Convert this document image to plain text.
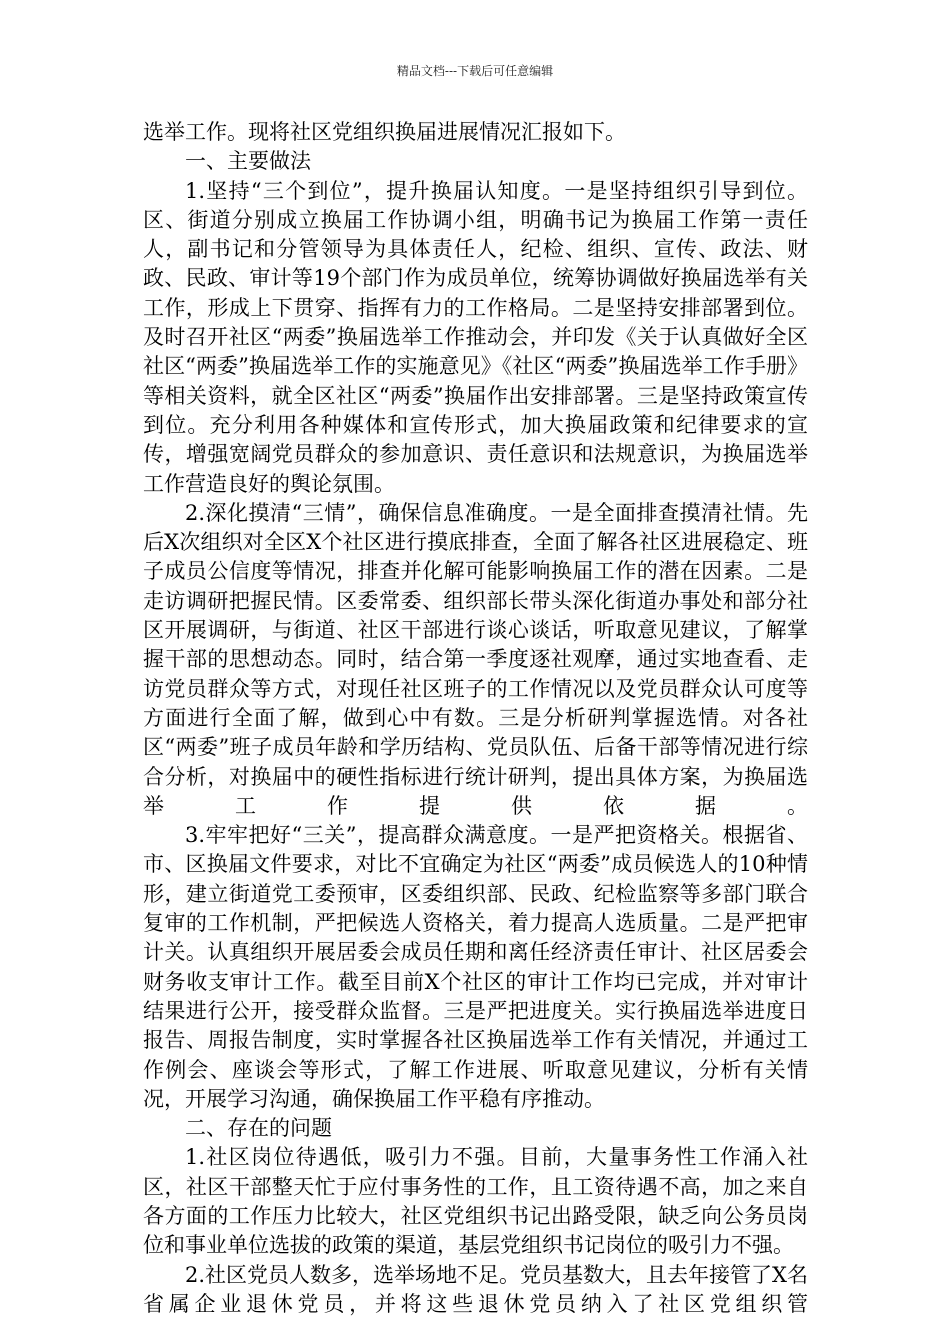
精品文档---下载后可任意编辑

选举工作。现将社区党组织换届进展情况汇报如下。

一、主要做法

1.坚持“三个到位”，提升换届认知度。一是坚持组织引导到位。区、街道分别成立换届工作协调小组，明确书记为换届工作第一责任人，副书记和分管领导为具体责任人，纪检、组织、宣传、政法、财政、民政、审计等19个部门作为成员单位，统筹协调做好换届选举有关工作，形成上下贯穿、指挥有力的工作格局。二是坚持安排部署到位。及时召开社区“两委”换届选举工作推动会，并印发《关于认真做好全区社区“两委”换届选举工作的实施意见》《社区“两委”换届选举工作手册》等相关资料，就全区社区“两委”换届作出安排部署。三是坚持政策宣传到位。充分利用各种媒体和宣传形式，加大换届政策和纪律要求的宣传，增强宽阔党员群众的参加意识、责任意识和法规意识，为换届选举工作营造良好的舆论氛围。

2.深化摸清“三情”，确保信息准确度。一是全面排查摸清社情。先后X次组织对全区X个社区进行摸底排查，全面了解各社区进展稳定、班子成员公信度等情况，排查并化解可能影响换届工作的潜在因素。二是走访调研把握民情。区委常委、组织部长带头深化街道办事处和部分社区开展调研，与街道、社区干部进行谈心谈话，听取意见建议，了解掌握干部的思想动态。同时，结合第一季度逐社观摩，通过实地查看、走访党员群众等方式，对现任社区班子的工作情况以及党员群众认可度等方面进行全面了解，做到心中有数。三是分析研判掌握选情。对各社区“两委”班子成员年龄和学历结构、党员队伍、后备干部等情况进行综合分析，对换届中的硬性指标进行统计研判，提出具体方案，为换届选举工作提供依据。

3.牢牢把好“三关”，提高群众满意度。一是严把资格关。根据省、市、区换届文件要求，对比不宜确定为社区“两委”成员候选人的10种情形，建立街道党工委预审，区委组织部、民政、纪检监察等多部门联合复审的工作机制，严把候选人资格关，着力提高人选质量。二是严把审计关。认真组织开展居委会成员任期和离任经济责任审计、社区居委会财务收支审计工作。截至目前X个社区的审计工作均已完成，并对审计结果进行公开，接受群众监督。三是严把进度关。实行换届选举进度日报告、周报告制度，实时掌握各社区换届选举工作有关情况，并通过工作例会、座谈会等形式，了解工作进展、听取意见建议，分析有关情况，开展学习沟通，确保换届工作平稳有序推动。

二、存在的问题

1.社区岗位待遇低，吸引力不强。目前，大量事务性工作涌入社区，社区干部整天忙于应付事务性的工作，且工资待遇不高，加之来自各方面的工作压力比较大，社区党组织书记出路受限，缺乏向公务员岗位和事业单位选拔的政策的渠道，基层党组织书记岗位的吸引力不强。

2.社区党员人数多，选举场地不足。党员基数大，且去年接管了X名省属企业退休党员，并将这些退休党员纳入了社区党组织管
